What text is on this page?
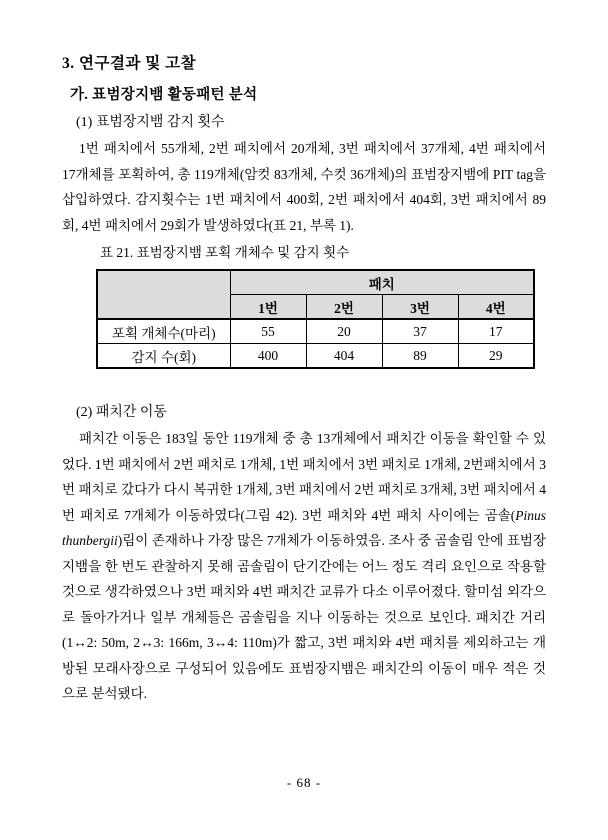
3. 연구결과 및 고찰
가. 표범장지뱀 활동패턴 분석
(1) 표범장지뱀 감지 횟수

1번 패치에서 55개체, 2번 패치에서 20개체, 3번 패치에서 37개체, 4번 패치에서 17개체를 포획하여, 총 119개체(암컷 83개체, 수컷 36개체)의 표범장지뱀에 PIT tag을 삽입하였다. 감지횟수는 1번 패치에서 400회, 2번 패치에서 404회, 3번 패치에서 89회, 4번 패치에서 29회가 발생하였다(표 21, 부록 1).

표 21. 표범장지뱀 포획 개체수 및 감지 횟수
	패치			
	1번	2번	3번	4번
포획 개체수(마리)	55	20	37	17
감지 수(회)	400	404	89	29
(2) 패치간 이동

패치간 이동은 183일 동안 119개체 중 총 13개체에서 패치간 이동을 확인할 수 있었다. 1번 패치에서 2번 패치로 1개체, 1번 패치에서 3번 패치로 1개체, 2번패치에서 3번 패치로 갔다가 다시 복귀한 1개체, 3번 패치에서 2번 패치로 3개체, 3번 패치에서 4번 패치로 7개체가 이동하였다(그림 42). 3번 패치와 4번 패치 사이에는 곰솔(Pinus thunbergii)림이 존재하나 가장 많은 7개체가 이동하였음. 조사 중 곰솔림 안에 표범장지뱀을 한 번도 관찰하지 못해 곰솔림이 단기간에는 어느 정도 격리 요인으로 작용할 것으로 생각하였으나 3번 패치와 4번 패치간 교류가 다소 이루어졌다. 할미섬 외각으로 돌아가거나 일부 개체들은 곰솔림을 지나 이동하는 것으로 보인다. 패치간 거리(1↔2: 50m, 2↔3: 166m, 3↔4: 110m)가 짧고, 3번 패치와 4번 패치를 제외하고는 개방된 모래사장으로 구성되어 있음에도 표범장지뱀은 패치간의 이동이 매우 적은 것으로 분석됐다.

- 68 -
